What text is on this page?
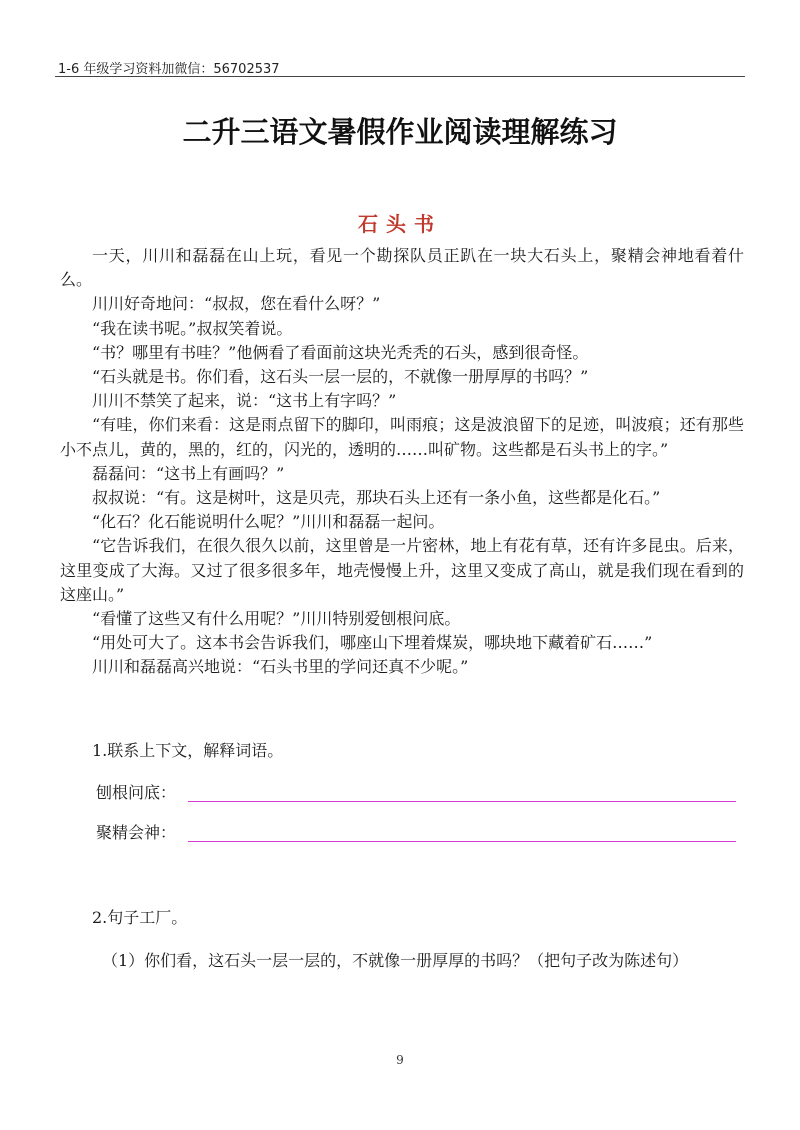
1-6 年级学习资料加微信：56702537
二升三语文暑假作业阅读理解练习
石头书

一天，川川和磊磊在山上玩，看见一个勘探队员正趴在一块大石头上，聚精会神地看着什么。

川川好奇地问：“叔叔，您在看什么呀？”

“我在读书呢。”叔叔笑着说。

“书？哪里有书哇？”他俩看了看面前这块光秃秃的石头，感到很奇怪。

“石头就是书。你们看，这石头一层一层的，不就像一册厚厚的书吗？”

川川不禁笑了起来，说：“这书上有字吗？”

“有哇，你们来看：这是雨点留下的脚印，叫雨痕；这是波浪留下的足迹，叫波痕；还有那些小不点儿，黄的，黑的，红的，闪光的，透明的……叫矿物。这些都是石头书上的字。”

磊磊问：“这书上有画吗？”

叔叔说：“有。这是树叶，这是贝壳，那块石头上还有一条小鱼，这些都是化石。”

“化石？化石能说明什么呢？”川川和磊磊一起问。

“它告诉我们，在很久很久以前，这里曾是一片密林，地上有花有草，还有许多昆虫。后来，这里变成了大海。又过了很多很多年，地壳慢慢上升，这里又变成了高山，就是我们现在看到的这座山。”

“看懂了这些又有什么用呢？”川川特别爱刨根问底。

“用处可大了。这本书会告诉我们，哪座山下埋着煤炭，哪块地下藏着矿石……”

川川和磊磊高兴地说：“石头书里的学问还真不少呢。”

1.联系上下文，解释词语。
刨根问底：
聚精会神：
2.句子工厂。
（1）你们看，这石头一层一层的，不就像一册厚厚的书吗？（把句子改为陈述句）
9
